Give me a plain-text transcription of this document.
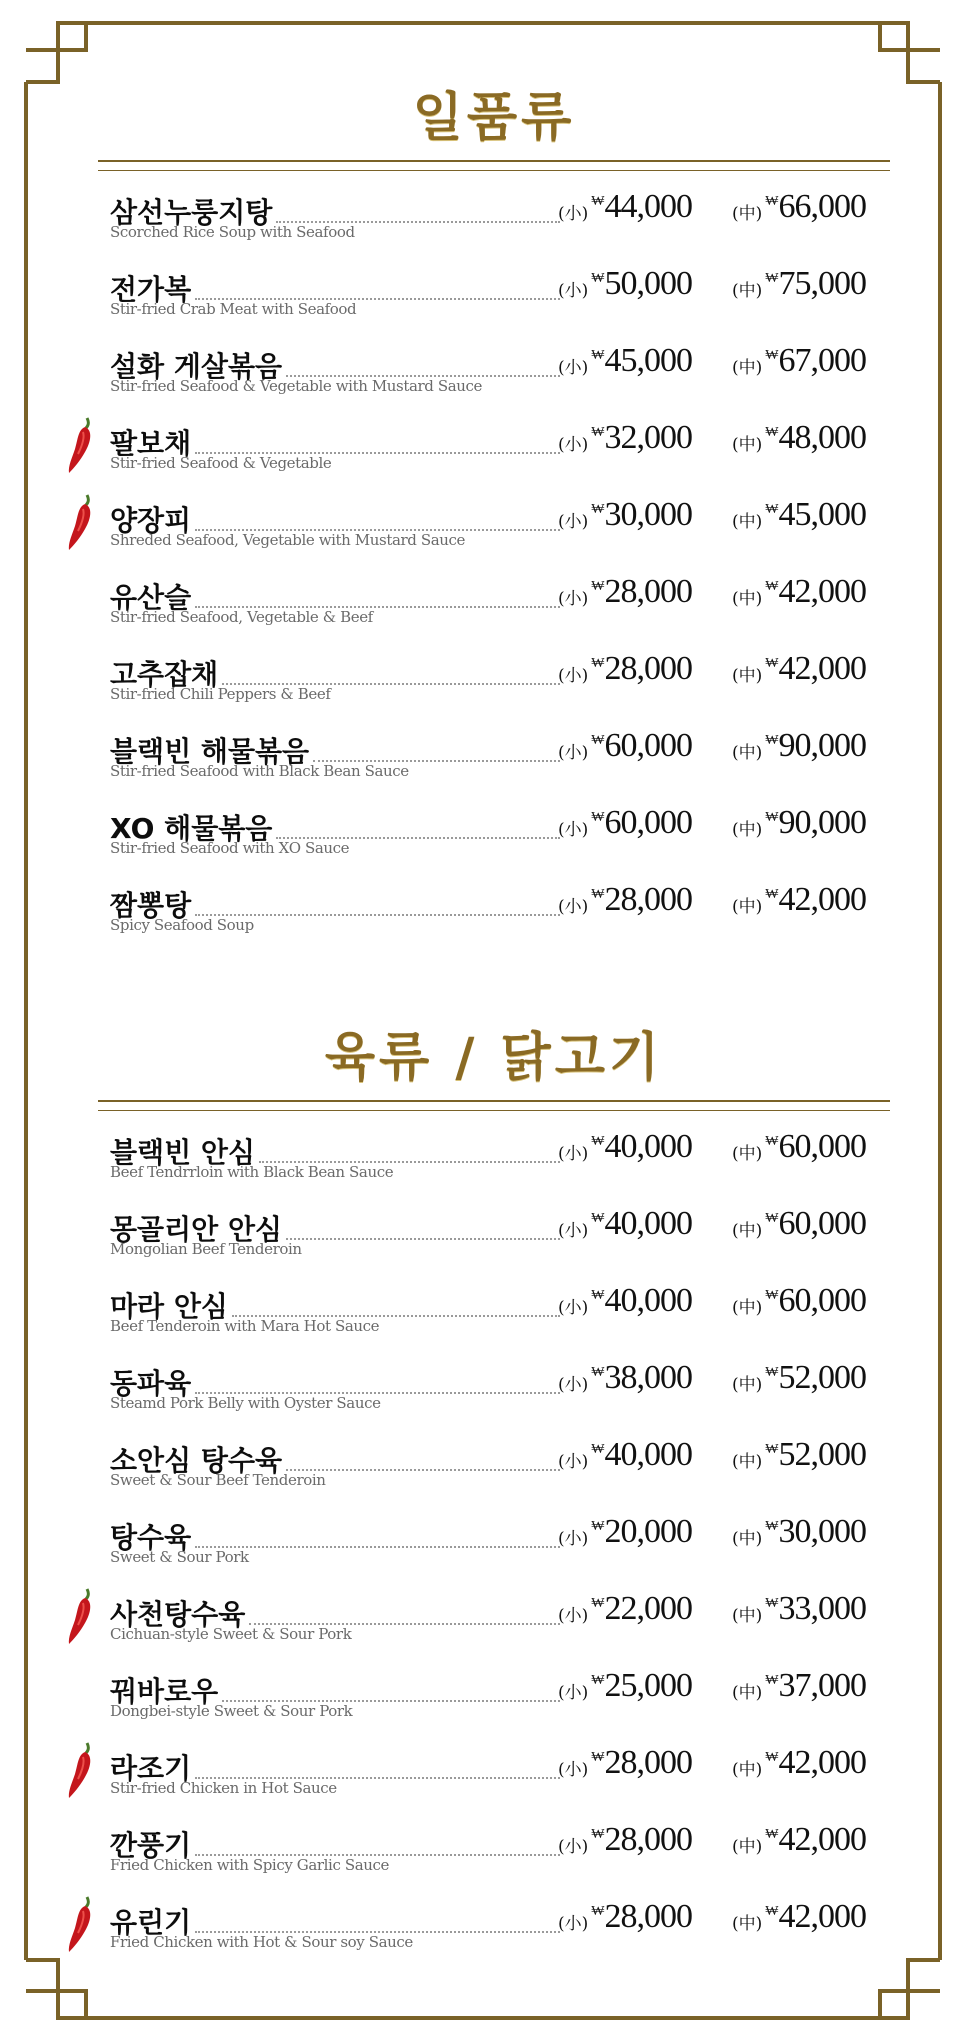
일품류
삼선누룽지탕
Scorched Rice Soup with Seafood
(小)
₩ 44,000 (中)
₩ 66,000
전가복
Stir-fried Crab Meat with Seafood
(小)
₩ 50,000 (中)
₩ 75,000
설화 게살볶음
Stir-fried Seafood & Vegetable with Mustard Sauce
(小)
₩ 45,000 (中)
₩ 67,000
팔보채
Stir-fried Seafood & Vegetable
(小)
₩ 32,000 (中)
₩ 48,000
양장피
Shreded Seafood, Vegetable with Mustard Sauce
(小)
₩ 30,000 (中)
₩ 45,000
유산슬
Stir-fried Seafood, Vegetable & Beef
(小)
₩ 28,000 (中)
₩ 42,000
고추잡채
Stir-fried Chili Peppers & Beef
(小)
₩ 28,000 (中)
₩ 42,000
블랙빈 해물볶음
Stir-fried Seafood with Black Bean Sauce
(小)
₩ 60,000 (中)
₩ 90,000
XO 해물볶음
Stir-fried Seafood with XO Sauce
(小)
₩ 60,000 (中)
₩ 90,000
짬뽕탕
Spicy Seafood Soup
(小)
₩ 28,000 (中)
₩ 42,000
육류 / 닭고기
블랙빈 안심
Beef Tendrrloin with Black Bean Sauce
(小)
₩ 40,000 (中)
₩ 60,000
몽골리안 안심
Mongolian Beef Tenderoin
(小)
₩ 40,000 (中)
₩ 60,000
마라 안심
Beef Tenderoin with Mara Hot Sauce
(小)
₩ 40,000 (中)
₩ 60,000
동파육
Steamd Pork Belly with Oyster Sauce
(小)
₩ 38,000 (中)
₩ 52,000
소안심 탕수육
Sweet & Sour Beef Tenderoin
(小)
₩ 40,000 (中)
₩ 52,000
탕수육
Sweet & Sour Pork
(小)
₩ 20,000 (中)
₩ 30,000
사천탕수육
Cichuan-style Sweet & Sour Pork
(小)
₩ 22,000 (中)
₩ 33,000
꿔바로우
Dongbei-style Sweet & Sour Pork
(小)
₩ 25,000 (中)
₩ 37,000
라조기
Stir-fried Chicken in Hot Sauce
(小)
₩ 28,000 (中)
₩ 42,000
깐풍기
Fried Chicken with Spicy Garlic Sauce
(小)
₩ 28,000 (中)
₩ 42,000
유린기
Fried Chicken with Hot & Sour soy Sauce
(小)
₩ 28,000 (中)
₩ 42,000
